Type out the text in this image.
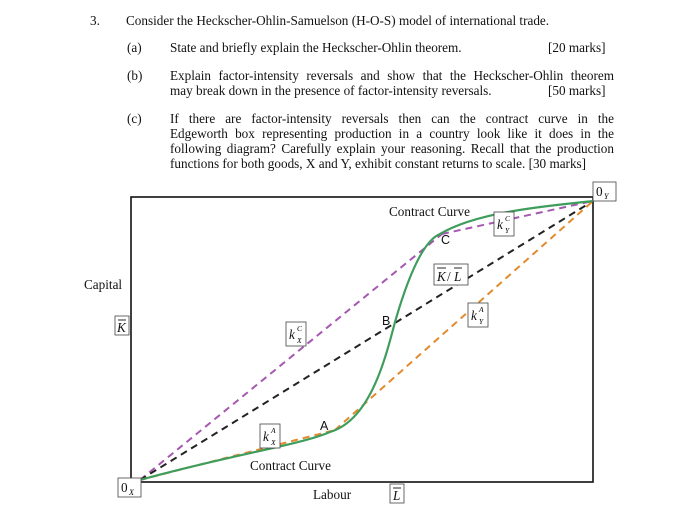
3. Consider the Heckscher-Ohlin-Samuelson (H-O-S) model of international trade.
(a) State and briefly explain the Heckscher-Ohlin theorem.	[20 marks]
(b) Explain factor-intensity reversals and show that the Heckscher-Ohlin theorem
may break down in the presence of factor-intensity reversals.	[50 marks]
(c) If there are factor-intensity reversals then can the contract curve in the
Edgeworth box representing production in a country look like it does in the
following diagram? Carefully explain your reasoning. Recall that the production
functions for both goods, X and Y, exhibit constant returns to scale. [30 marks]
A
B
C
Contract Curve
Contract Curve
Capital
Labour
K
L
0 X
0 Y
k C
X
k A
X
k C
Y
k A
Y
K / L
